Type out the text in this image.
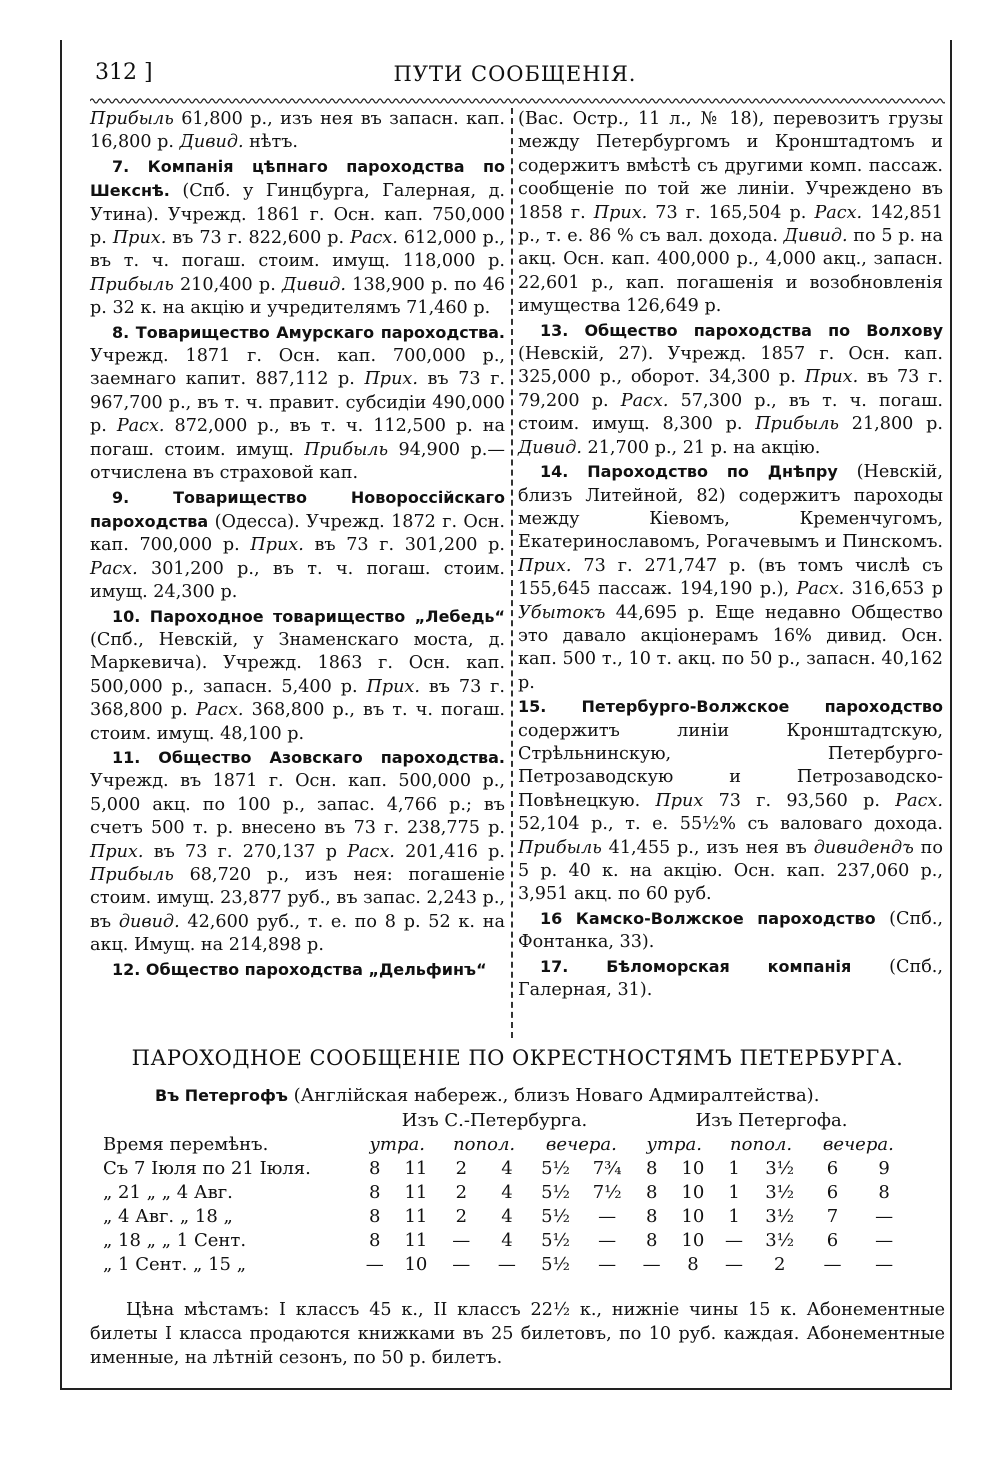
312 ]	ПУТИ СООБЩЕНІЯ.

Прибыль 61,800 р., изъ нея въ запасн. кап. 16,800 р. Дивид. нѣтъ.

7. Компанія цѣпнаго пароходства по Шекснѣ. (Спб. у Гинцбурга, Галерная, д. Утина). Учрежд. 1861 г. Осн. кап. 750,000 р. Прих. въ 73 г. 822,600 р. Расх. 612,000 р., въ т. ч. погаш. стоим. имущ. 118,000 р. Прибыль 210,400 р. Дивид. 138,900 р. по 46 р. 32 к. на акцію и учредителямъ 71,460 р.

8. Товарищество Амурскаго пароходства. Учрежд. 1871 г. Осн. кап. 700,000 р., заемнаго капит. 887,112 р. Прих. въ 73 г. 967,700 р., въ т. ч. правит. субсидіи 490,000 р. Расх. 872,000 р., въ т. ч. 112,500 р. на погаш. стоим. имущ. Прибыль 94,900 р.—отчислена въ страховой кап.

9. Товарищество Новороссійскаго пароходства (Одесса). Учрежд. 1872 г. Осн. кап. 700,000 р. Прих. въ 73 г. 301,200 р. Расх. 301,200 р., въ т. ч. погаш. стоим. имущ. 24,300 р.

10. Пароходное товарищество „Лебедь“ (Спб., Невскій, у Знаменскаго моста, д. Маркевича). Учрежд. 1863 г. Осн. кап. 500,000 р., запасн. 5,400 р. Прих. въ 73 г. 368,800 р. Расх. 368,800 р., въ т. ч. погаш. стоим. имущ. 48,100 р.

11. Общество Азовскаго пароходства. Учрежд. въ 1871 г. Осн. кап. 500,000 р., 5,000 акц. по 100 р., запас. 4,766 р.; въ счетъ 500 т. р. внесено въ 73 г. 238,775 р. Прих. въ 73 г. 270,137 р Расх. 201,416 р. Прибыль 68,720 р., изъ нея: погашеніе стоим. имущ. 23,877 руб., въ запас. 2,243 р., въ дивид. 42,600 руб., т. е. по 8 р. 52 к. на акц. Имущ. на 214,898 р.

12. Общество пароходства „Дельфинъ“

(Вас. Остр., 11 л., № 18), перевозитъ грузы между Петербургомъ и Кронштадтомъ и содержитъ вмѣстѣ съ другими комп. пассаж. сообщеніе по той же линіи. Учреждено въ 1858 г. Прих. 73 г. 165,504 р. Расх. 142,851 р., т. е. 86 % съ вал. дохода. Дивид. по 5 р. на акц. Осн. кап. 400,000 р., 4,000 акц., запасн. 22,601 р., кап. погашенія и возобновленія имущества 126,649 р.

13. Общество пароходства по Волхову (Невскій, 27). Учрежд. 1857 г. Осн. кап. 325,000 р., оборот. 34,300 р. Прих. въ 73 г. 79,200 р. Расх. 57,300 р., въ т. ч. погаш. стоим. имущ. 8,300 р. Прибыль 21,800 р. Дивид. 21,700 р., 21 р. на акцію.

14. Пароходство по Днѣпру (Невскій, близъ Литейной, 82) содержитъ пароходы между Кіевомъ, Кременчугомъ, Екатеринославомъ, Рогачевымъ и Пинскомъ. Прих. 73 г. 271,747 р. (въ томъ числѣ съ 155,645 пассаж. 194,190 р.), Расх. 316,653 р Убытокъ 44,695 р. Еще недавно Общество это давало акціонерамъ 16% дивид. Осн. кап. 500 т., 10 т. акц. по 50 р., запасн. 40,162 р.

15. Петербурго-Волжское пароходство содержитъ линіи Кронштадтскую, Стрѣльнинскую, Петербурго-Петрозаводскую и Петрозаводско-Повѣнецкую. Прих 73 г. 93,560 р. Расх. 52,104 р., т. е. 55½% съ валоваго дохода. Прибыль 41,455 р., изъ нея въ дивидендъ по 5 р. 40 к. на акцію. Осн. кап. 237,060 р., 3,951 акц. по 60 руб.

16 Камско-Волжское пароходство (Спб., Фонтанка, 33).

17. Бѣломорская компанія (Спб., Галерная, 31).

ПАРОХОДНОЕ СООБЩЕНІЕ ПО ОКРЕСТНОСТЯМЪ ПЕТЕРБУРГА.
Въ Петергофъ (Англійская набереж., близъ Новаго Адмиралтейства).
	Изъ С.-Петербурга.						Изъ Петергофа.					
Время перемѣнъ.	утра.		попол.		вечера.		утра.		попол.		вечера.	
Съ 7 Іюля по 21 Іюля.	8	11	2	4	5½	7¾	8	10	1	3½	6	9
„ 21 „ „ 4 Авг.	8	11	2	4	5½	7½	8	10	1	3½	6	8
„ 4 Авг. „ 18 „	8	11	2	4	5½	—	8	10	1	3½	7	—
„ 18 „ „ 1 Сент.	8	11	—	4	5½	—	8	10	—	3½	6	—
„ 1 Сент. „ 15 „	—	10	—	—	5½	—	—	8	—	2	—	—

Цѣна мѣстамъ: I классъ 45 к., II классъ 22½ к., нижніе чины 15 к. Абонементные билеты I класса продаются книжками въ 25 билетовъ, по 10 руб. каждая. Абонементные именные, на лѣтній сезонъ, по 50 р. билетъ.
